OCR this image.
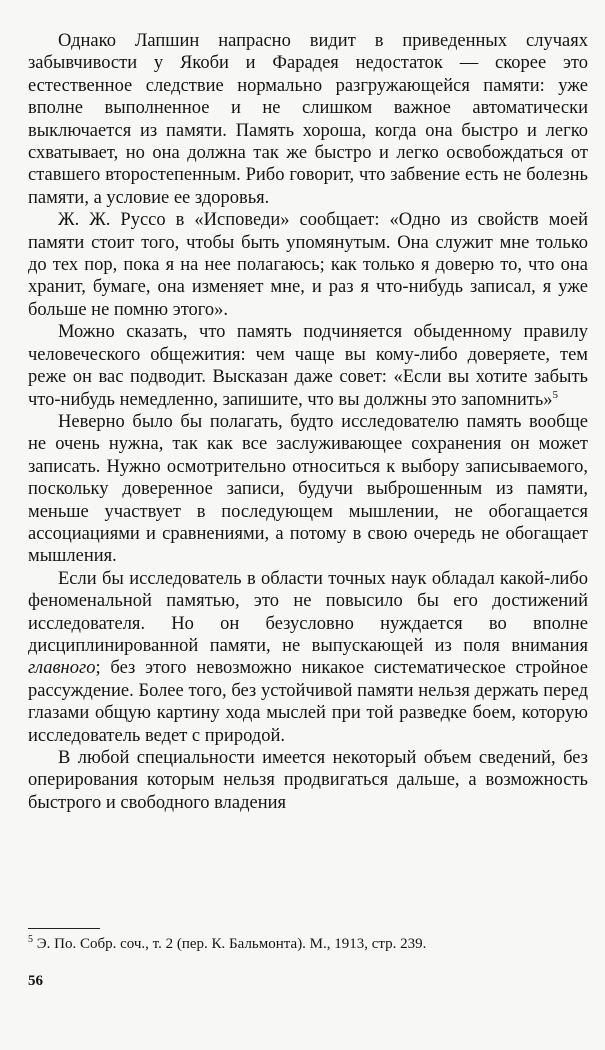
Однако Лапшин напрасно видит в приведенных случаях забывчивости у Якоби и Фарадея недостаток — скорее это естественное следствие нормально разгружающейся памяти: уже вполне выполненное и не слишком важное автоматически выключается из памяти. Память хороша, когда она быстро и легко схватывает, но она должна так же быстро и легко освобождаться от ставшего второстепенным. Рибо говорит, что забвение есть не болезнь памяти, а условие ее здоровья.

Ж. Ж. Руссо в «Исповеди» сообщает: «Одно из свойств моей памяти стоит того, чтобы быть упомянутым. Она служит мне только до тех пор, пока я на нее полагаюсь; как только я доверю то, что она хранит, бумаге, она изменяет мне, и раз я что-нибудь записал, я уже больше не помню этого».

Можно сказать, что память подчиняется обыденному правилу человеческого общежития: чем чаще вы кому-либо доверяете, тем реже он вас подводит. Высказан даже совет: «Если вы хотите забыть что-нибудь немедленно, запишите, что вы должны это запомнить»$^5$

Неверно было бы полагать, будто исследователю память вообще не очень нужна, так как все заслуживающее сохранения он может записать. Нужно осмотрительно относиться к выбору записываемого, поскольку доверенное записи, будучи выброшенным из памяти, меньше участвует в последующем мышлении, не обогащается ассоциациями и сравнениями, а потому в свою очередь не обогащает мышления.

Если бы исследователь в области точных наук обладал какой-либо феноменальной памятью, это не повысило бы его достижений исследователя. Но он безусловно нуждается во вполне дисциплинированной памяти, не выпускающей из поля внимания главного; без этого невозможно никакое систематическое стройное рассуждение. Более того, без устойчивой памяти нельзя держать перед глазами общую картину хода мыслей при той разведке боем, которую исследователь ведет с природой.

В любой специальности имеется некоторый объем сведений, без оперирования которым нельзя продвигаться дальше, а возможность быстрого и свободного владения

$^5$ Э. По. Собр. соч., т. 2 (пер. К. Бальмонта). М., 1913, стр. 239.

56
